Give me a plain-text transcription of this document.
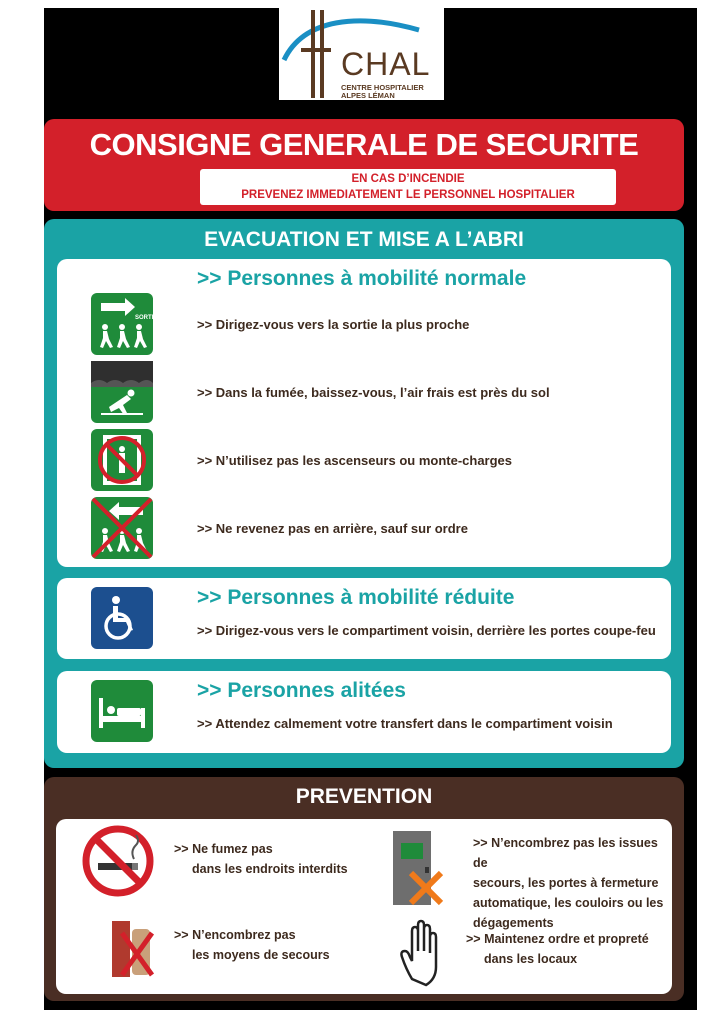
CHAL
CENTRE HOSPITALIER
ALPES LÉMAN
CONSIGNE GENERALE DE SECURITE
EN CAS D’INCENDIE
PREVENEZ IMMEDIATEMENT LE PERSONNEL HOSPITALIER
EVACUATION ET MISE A L’ABRI
>> Personnes à mobilité normale
SORTIE	>> Dirigez-vous vers la sortie la plus proche
>> Dans la fumée, baissez-vous, l’air frais est près du sol
>> N’utilisez pas les ascenseurs ou monte-charges
>> Ne revenez pas en arrière, sauf sur ordre
>> Personnes à mobilité réduite
>> Dirigez-vous vers le compartiment voisin, derrière les portes coupe-feu
>> Personnes alitées
>> Attendez calmement votre transfert dans le compartiment voisin
PREVENTION
>> Ne fumez pas
dans les endroits interdits
>> N’encombrez pas les issues de
secours, les portes à fermeture
automatique, les couloirs ou les
dégagements
>> N’encombrez pas
les moyens de secours
>> Maintenez ordre et propreté
dans les locaux
